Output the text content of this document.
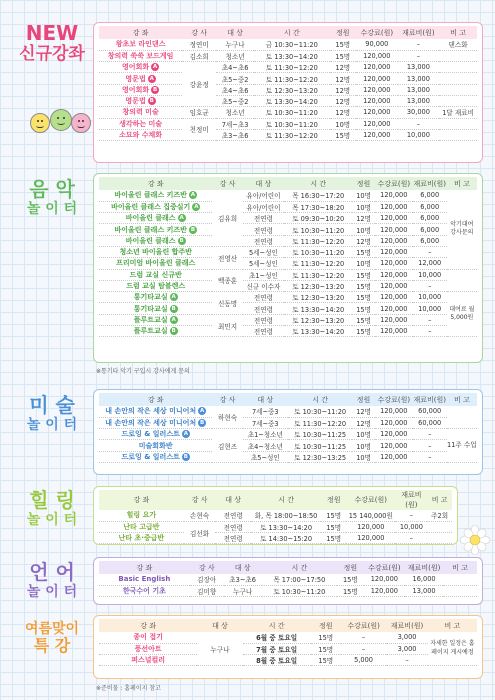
NEW
신규강좌
강 좌	강 사	대 상	시 간	정원	수강료(원)	재료비(원)	비 고
왕초보 라인댄스	정연미	누구나	금 10:30~11:20	15명	90,000	–	댄스화
창의력 쑥쑥 보드게임	김소희	청소년	토 13:30~14:20	15명	120,000	–	
영어회화 A	강윤정	초4~초6	토 11:30~12:20	12명	120,000	13,000	
영문법 A		초5~중2	토 11:30~12:20	12명	120,000	13,000	
영어회화 B		초4~초6	토 12:30~13:20	12명	120,000	13,000	
영문법 B		초5~중2	토 13:30~14:20	12명	120,000	13,000	
창의력 미술	임호균	청소년	토 10:30~11:20	12명	120,000	30,000	1달 재료비
생각하는 미술	천정미	7세~초3	토 10:30~11:20	10명	120,000	–	
소묘와 수채화		초3~초6	토 11:30~12:20	15명	120,000	10,000	
음 악
놀 이 터
강 좌	강 사	대 상	시 간	정원	수강료(원)	재료비(원)	비 고
바이올린 클래스 키즈반 A	김유희	유아/어린이	목 16:30~17:20	10명	120,000	6,000	악기대여 강사문의
바이올린 클래스 집중실기 A		유아/어린이	목 17:30~18:20	10명	120,000	6,000	
바이올린 클래스 A		전연령	토 09:30~10:20	12명	120,000	6,000	
바이올린 클래스 키즈반 B		전연령	토 10:30~11:20	10명	120,000	6,000	
바이올린 클래스 B		전연령	토 11:30~12:20	12명	120,000	6,000	
청소년 바이올린 합주반	전영산	5세~성인	토 10:30~11:20	15명	120,000	–	
프리미엄 바이올린 클래스		5세~성인	토 11:30~12:20	10명	120,000	12,000	
드럼 교실 신규반	백종훈	초1~성인	토 11:30~12:20	15명	120,000	10,000	
드럼 교실 탐블렌스		신규 이수자	토 12:30~13:20	15명	120,000	–	
통기타교실 A	신동명	전연령	토 12:30~13:20	15명	120,000	10,000	대여료 월 5,000원
통기타교실 B		전연령	토 13:30~14:20	15명	120,000	10,000	
플루트교실 A	최민지	전연령	토 12:30~13:20	15명	120,000	–	
플루트교실 B		전연령	토 13:30~14:20	15명	120,000	–	
※통기타 악기 구입시 강사에게 문의
미 술
놀 이 터
강 좌	강 사	대 상	시 간	정원	수강료(원)	재료비(원)	비 고
내 손안의 작은 세상 미니어처 A	하현숙	7세~중3	토 10:30~11:20	12명	120,000	60,000	
내 손안의 작은 세상 미니어처 B		7세~중3	토 11:30~12:20	12명	120,000	60,000	
드로잉 & 일러스트 A	김현즈	초1~청소년	토 10:30~11:25	10명	120,000	–	11주 수업
미술회화반		초4~청소년	토 10:30~11:25	10명	120,000	–	
드로잉 & 일러스트 B		초5~성인	토 12:30~13:25	10명	120,000	–	
힐 링
놀 이 터
강 좌	강 사	대 상	시 간	정원	수강료(원)	재료비(원)	비 고
힐링 요가	손현숙	전연령	화, 목 18:00~18:50	15명	15 140,000원	–	주2회
난타 고급반	김선화	전연령	토 13:30~14:20	15명	120,000	10,000	
난타 초·중급반		전연령	토 14:30~15:20	15명	120,000	–	
언 어
놀 이 터
강 좌	강 사	대 상	시 간	정원	수강료(원)	재료비(원)	비 고
Basic English	김장아	초3~초6	목 17:00~17:50	15명	120,000	16,000	
한국수어 기초	김미향	누구나	토 10:30~11:20	15명	120,000	13,000	
여름맞이
특 강
강 좌	대 상	시 간	정원	수강료(원)	재료비(원)	비 고
종이 접기	누구나	6월 중 토요일	15명	–	3,000	자세한 일정은 홈페이지 게시예정
풍선아트		7월 중 토요일	15명	–	3,000	
퍼스널컬러		8월 중 토요일	15명	5,000	–	
※준비물 : 홈페이지 참고
